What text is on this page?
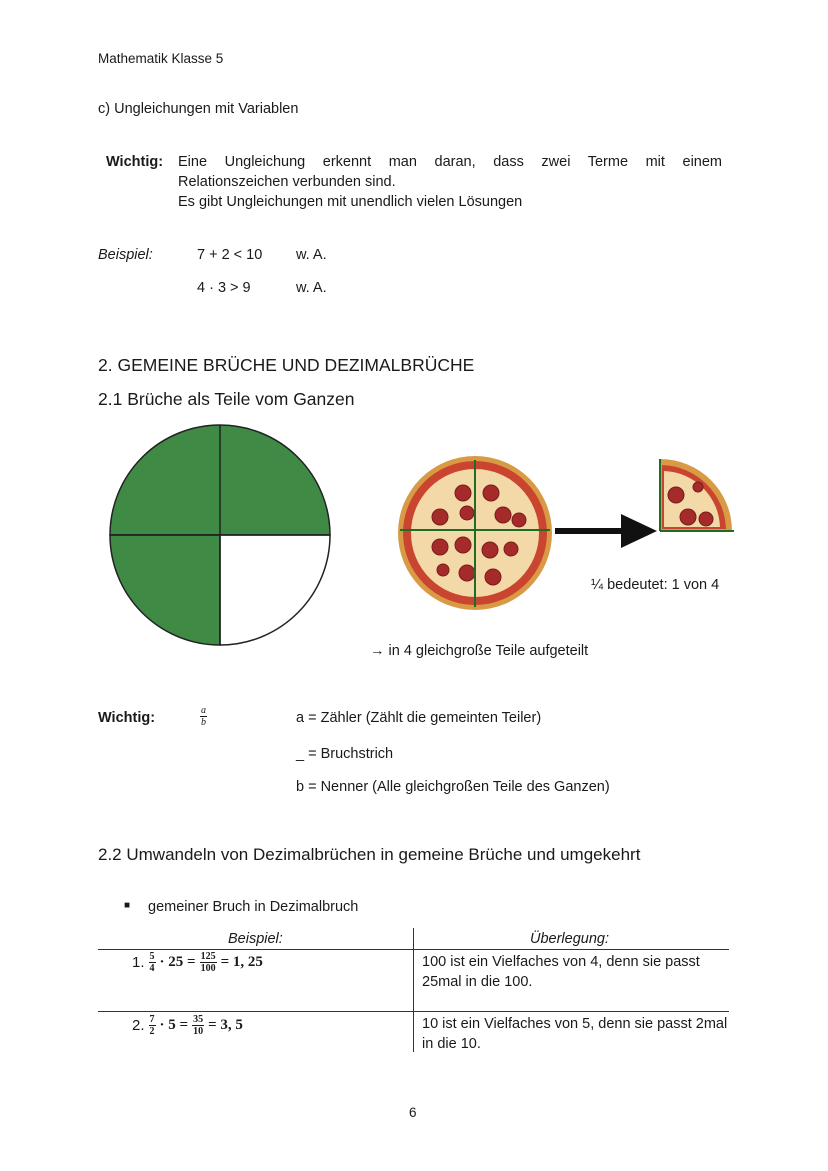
Mathematik Klasse 5
c) Ungleichungen mit Variablen
Wichtig: Eine Ungleichung erkennt man daran, dass zwei Terme mit einem
Relationszeichen verbunden sind.
Es gibt Ungleichungen mit unendlich vielen Lösungen
Beispiel:	7 + 2 < 10 w. A.
4 · 3 > 9	w. A.
2. GEMEINE BRÜCHE UND DEZIMALBRÜCHE
2.1 Brüche als Teile vom Ganzen
¼ bedeutet: 1 von 4
→ in 4 gleichgroße Teile aufgeteilt
Wichtig:	$\frac{a}{b}$	a = Zähler (Zählt die gemeinten Teiler)
_ = Bruchstrich
b = Nenner (Alle gleichgroßen Teile des Ganzen)
2.2 Umwandeln von Dezimalbrüchen in gemeine Brüche und umgekehrt
■ gemeiner Bruch in Dezimalbruch
Beispiel:	Überlegung:
1. $\frac{5}{4} \cdot 25 = \frac{125}{100} = 1$, 25	100 ist ein Vielfaches von 4, denn sie passt 25mal in die 100.
2. $\frac{7}{2} \cdot 5 = \frac{35}{10} = 3$, 5	10 ist ein Vielfaches von 5, denn sie passt 2mal in die 10.
6
